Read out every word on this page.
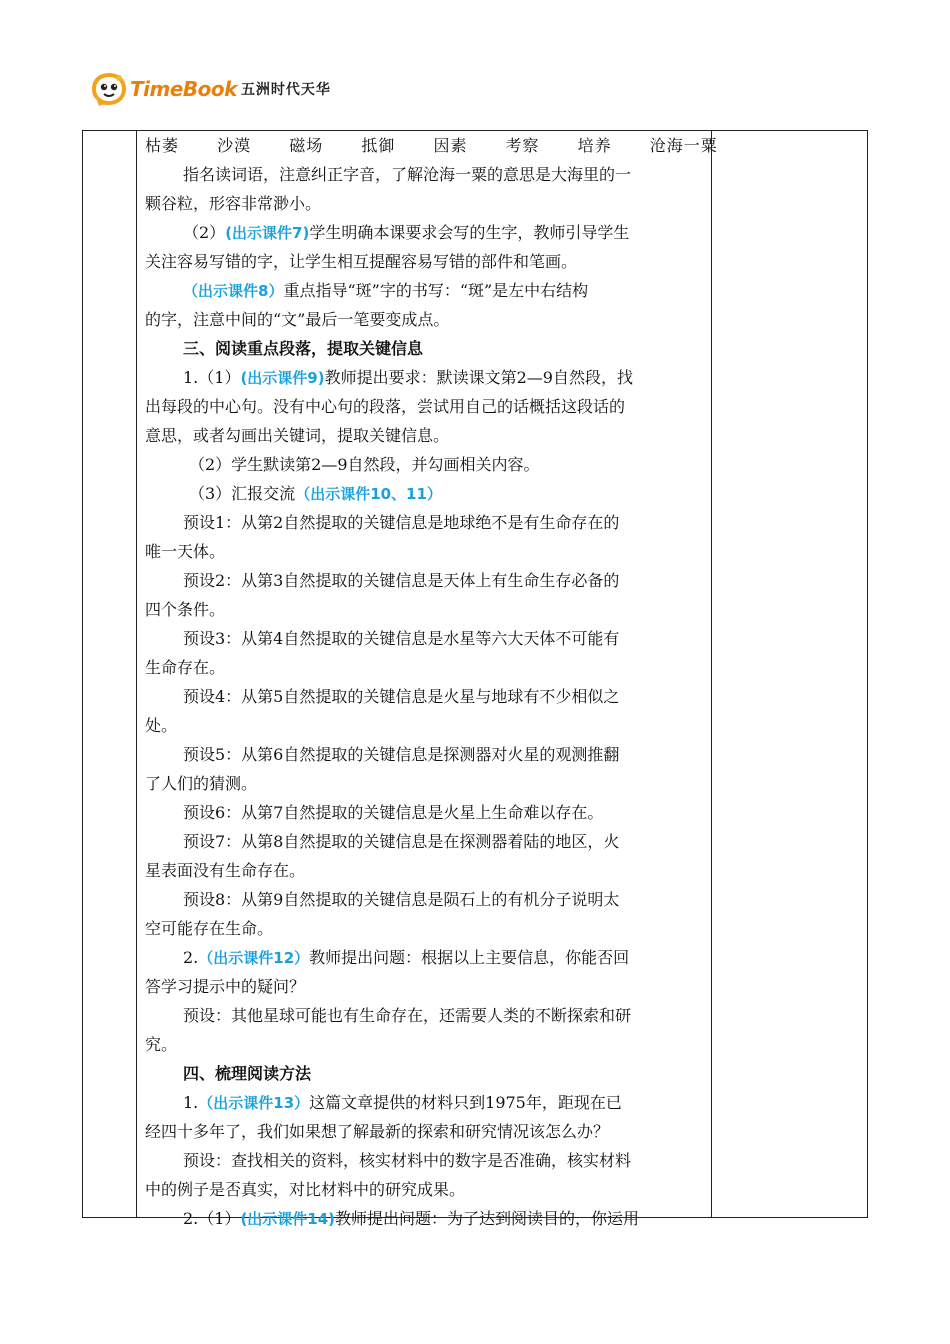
TimeBook 五洲时代天华
枯萎 沙漠 磁场 抵御 因素 考察 培养 沧海一粟
指名读词语，注意纠正字音，了解沧海一粟的意思是大海里的一
颗谷粒，形容非常渺小。
（2）(出示课件7)学生明确本课要求会写的生字，教师引导学生
关注容易写错的字，让学生相互提醒容易写错的部件和笔画。
（出示课件8）重点指导“斑”字的书写：“斑”是左中右结构
的字，注意中间的“文”最后一笔要变成点。
三、阅读重点段落，提取关键信息
1.（1）(出示课件9)教师提出要求：默读课文第2—9自然段，找
出每段的中心句。没有中心句的段落，尝试用自己的话概括这段话的
意思，或者勾画出关键词，提取关键信息。
（2）学生默读第2—9自然段，并勾画相关内容。
（3）汇报交流（出示课件10、11）
预设1：从第2自然提取的关键信息是地球绝不是有生命存在的
唯一天体。
预设2：从第3自然提取的关键信息是天体上有生命生存必备的
四个条件。
预设3：从第4自然提取的关键信息是水星等六大天体不可能有
生命存在。
预设4：从第5自然提取的关键信息是火星与地球有不少相似之
处。
预设5：从第6自然提取的关键信息是探测器对火星的观测推翻
了人们的猜测。
预设6：从第7自然提取的关键信息是火星上生命难以存在。
预设7：从第8自然提取的关键信息是在探测器着陆的地区，火
星表面没有生命存在。
预设8：从第9自然提取的关键信息是陨石上的有机分子说明太
空可能存在生命。
2.（出示课件12）教师提出问题：根据以上主要信息，你能否回
答学习提示中的疑问？
预设：其他星球可能也有生命存在，还需要人类的不断探索和研
究。
四、梳理阅读方法
1.（出示课件13）这篇文章提供的材料只到1975年，距现在已
经四十多年了，我们如果想了解最新的探索和研究情况该怎么办？
预设：查找相关的资料，核实材料中的数字是否准确，核实材料
中的例子是否真实，对比材料中的研究成果。
2.（1）(出示课件14)教师提出问题：为了达到阅读目的，你运用
